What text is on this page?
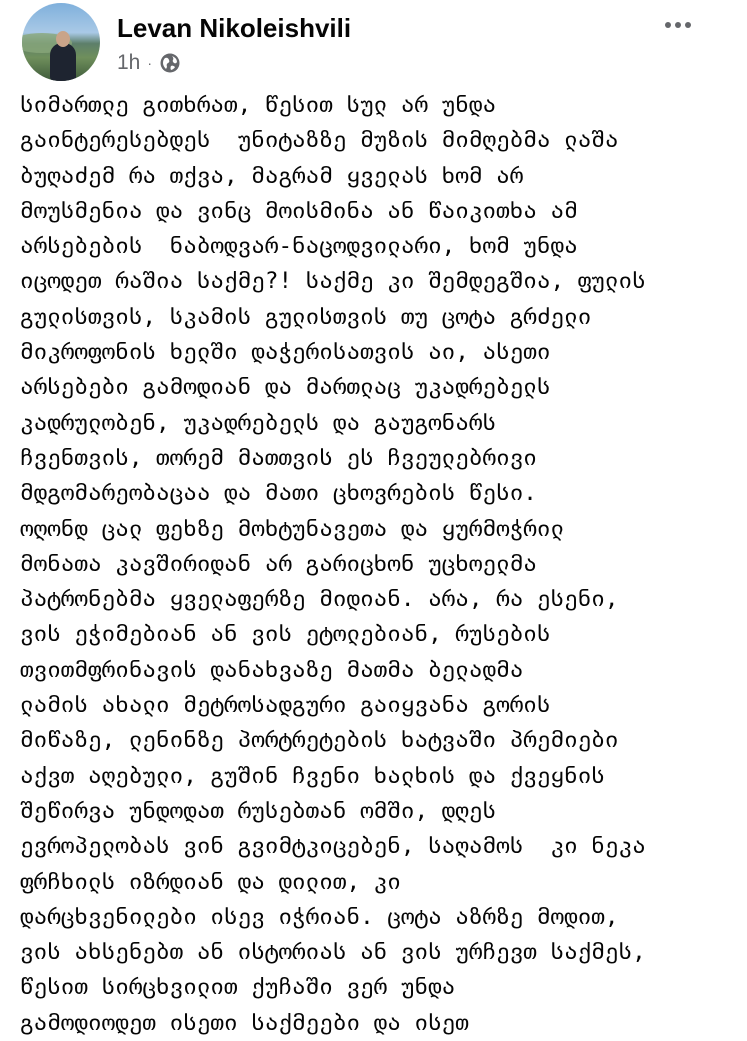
Levan Nikoleishvili
1h ·
სიმართლე გითხრათ, წესით სულ არ უნდა
გაინტერესებდეს  უნიტაზზე მუზის მიმღებმა ლაშა
ბუღაძემ რა თქვა, მაგრამ ყველას ხომ არ
მოუსმენია და ვინც მოისმინა ან წაიკითხა ამ
არსებების  ნაბოდვარ-ნაცოდვილარი, ხომ უნდა
იცოდეთ რაშია საქმე?! საქმე კი შემდეგშია, ფულის
გულისთვის, სკამის გულისთვის თუ ცოტა გრძელი
მიკროფონის ხელში დაჭერისათვის აი, ასეთი
არსებები გამოდიან და მართლაც უკადრებელს
კადრულობენ, უკადრებელს და გაუგონარს
ჩვენთვის, თორემ მათთვის ეს ჩვეულებრივი
მდგომარეობაცაა და მათი ცხოვრების წესი.
ოღონდ ცალ ფეხზე მოხტუნავეთა და ყურმოჭრილ
მონათა კავშირიდან არ გარიცხონ უცხოელმა
პატრონებმა ყველაფერზე მიდიან. არა, რა ესენი,
ვის ეჭიმებიან ან ვის ეტოლებიან, რუსების
თვითმფრინავის დანახვაზე მათმა ბელადმა
ლამის ახალი მეტროსადგური გაიყვანა გორის
მიწაზე, ლენინზე პორტრეტების ხატვაში პრემიები
აქვთ აღებული, გუშინ ჩვენი ხალხის და ქვეყნის
შეწირვა უნდოდათ რუსებთან ომში, დღეს
ევროპელობას ვინ გვიმტკიცებენ, საღამოს  კი ნეკა
ფრჩხილს იზრდიან და დილით, კი
დარცხვენილები ისევ იჭრიან. ცოტა აზრზე მოდით,
ვის ახსენებთ ან ისტორიას ან ვის ურჩევთ საქმეს,
წესით სირცხვილით ქუჩაში ვერ უნდა
გამოდიოდეთ ისეთი საქმეები და ისეთ
